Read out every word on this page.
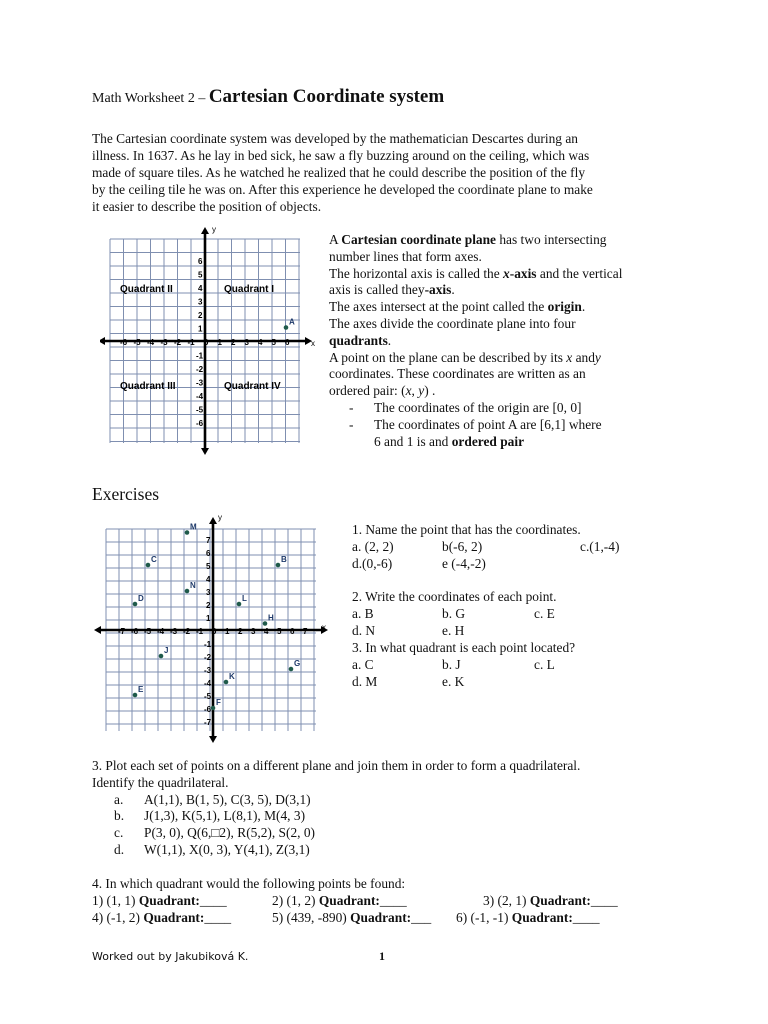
Math Worksheet 2 – Cartesian Coordinate system
The Cartesian coordinate system was developed by the mathematician Descartes during an
illness. In 1637. As he lay in bed sick, he saw a fly buzzing around on the ceiling, which was
made of square tiles. As he watched he realized that he could describe the position of the fly
by the ceiling tile he was on. After this experience he developed the coordinate plane to make
it easier to describe the position of objects.
-6 -5 -4 -3 -2 -1 0 1 2 3 4 5 6
6
5
4
3
2
1
-1
-2
-3
-4
-5
-6
Quadrant II	Quadrant I
Quadrant III	Quadrant IV
x
y
A
A Cartesian coordinate plane has two intersecting
number lines that form axes.
The horizontal axis is called the x-axis and the vertical
axis is called they-axis.
The axes intersect at the point called the origin.
The axes divide the coordinate plane into four
quadrants.
A point on the plane can be described by its x andy
coordinates. These coordinates are written as an
ordered pair: (x, y) .
- The coordinates of the origin are [0, 0]
- The coordinates of point A are [6,1] where
6 and 1 is and ordered pair
Exercises
-7 -6 -5 -4 -3 -2 -1 0 1 2 3 4 5 6 7
7
6
5
4
3
2
1
-1
-2
-3
-4
-5
-6
-7
x
y
M
C	B
N
D	L
H
J
G
K
E
F
1. Name the point that has the coordinates.
a. (2, 2)	b(-6, 2)	c.(1,-4)
d.(0,-6)	e (-4,-2)
2. Write the coordinates of each point.
a. B	b. G	c. E
d. N	e. H
3. In what quadrant is each point located?
a. C	b. J	c. L
d. M	e. K
3. Plot each set of points on a different plane and join them in order to form a quadrilateral.
Identify the quadrilateral.
a. A(1,1), B(1, 5), C(3, 5), D(3,1)
b. J(1,3), K(5,1), L(8,1), M(4, 3)
c. P(3, 0), Q(6,□2), R(5,2), S(2, 0)
d. W(1,1), X(0, 3), Y(4,1), Z(3,1)
4. In which quadrant would the following points be found:
1) (1, 1) Quadrant:____	2) (1, 2) Quadrant:____	3) (2, 1) Quadrant:____
4) (-1, 2) Quadrant:____	5) (439, -890) Quadrant:___ 6) (-1, -1) Quadrant:____
Worked out by Jakubiková K.	1
